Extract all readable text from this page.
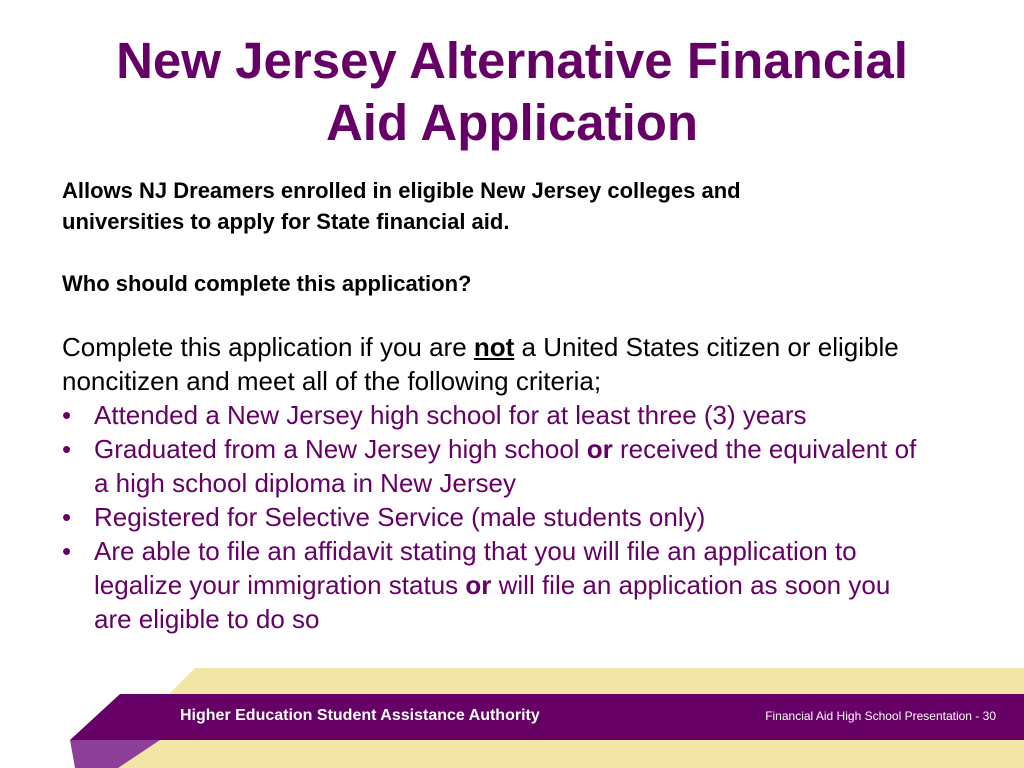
New Jersey Alternative Financial
Aid Application

Allows NJ Dreamers enrolled in eligible New Jersey colleges and
universities to apply for State financial aid.

Who should complete this application?

Complete this application if you are not a United States citizen or eligible noncitizen and meet all of the following criteria;

• Attended a New Jersey high school for at least three (3) years
• Graduated from a New Jersey high school or received the equivalent of
a high school diploma in New Jersey
• Registered for Selective Service (male students only)
• Are able to file an affidavit stating that you will file an application to
legalize your immigration status or will file an application as soon you
are eligible to do so
Higher Education Student Assistance Authority	Financial Aid High School Presentation - 30
